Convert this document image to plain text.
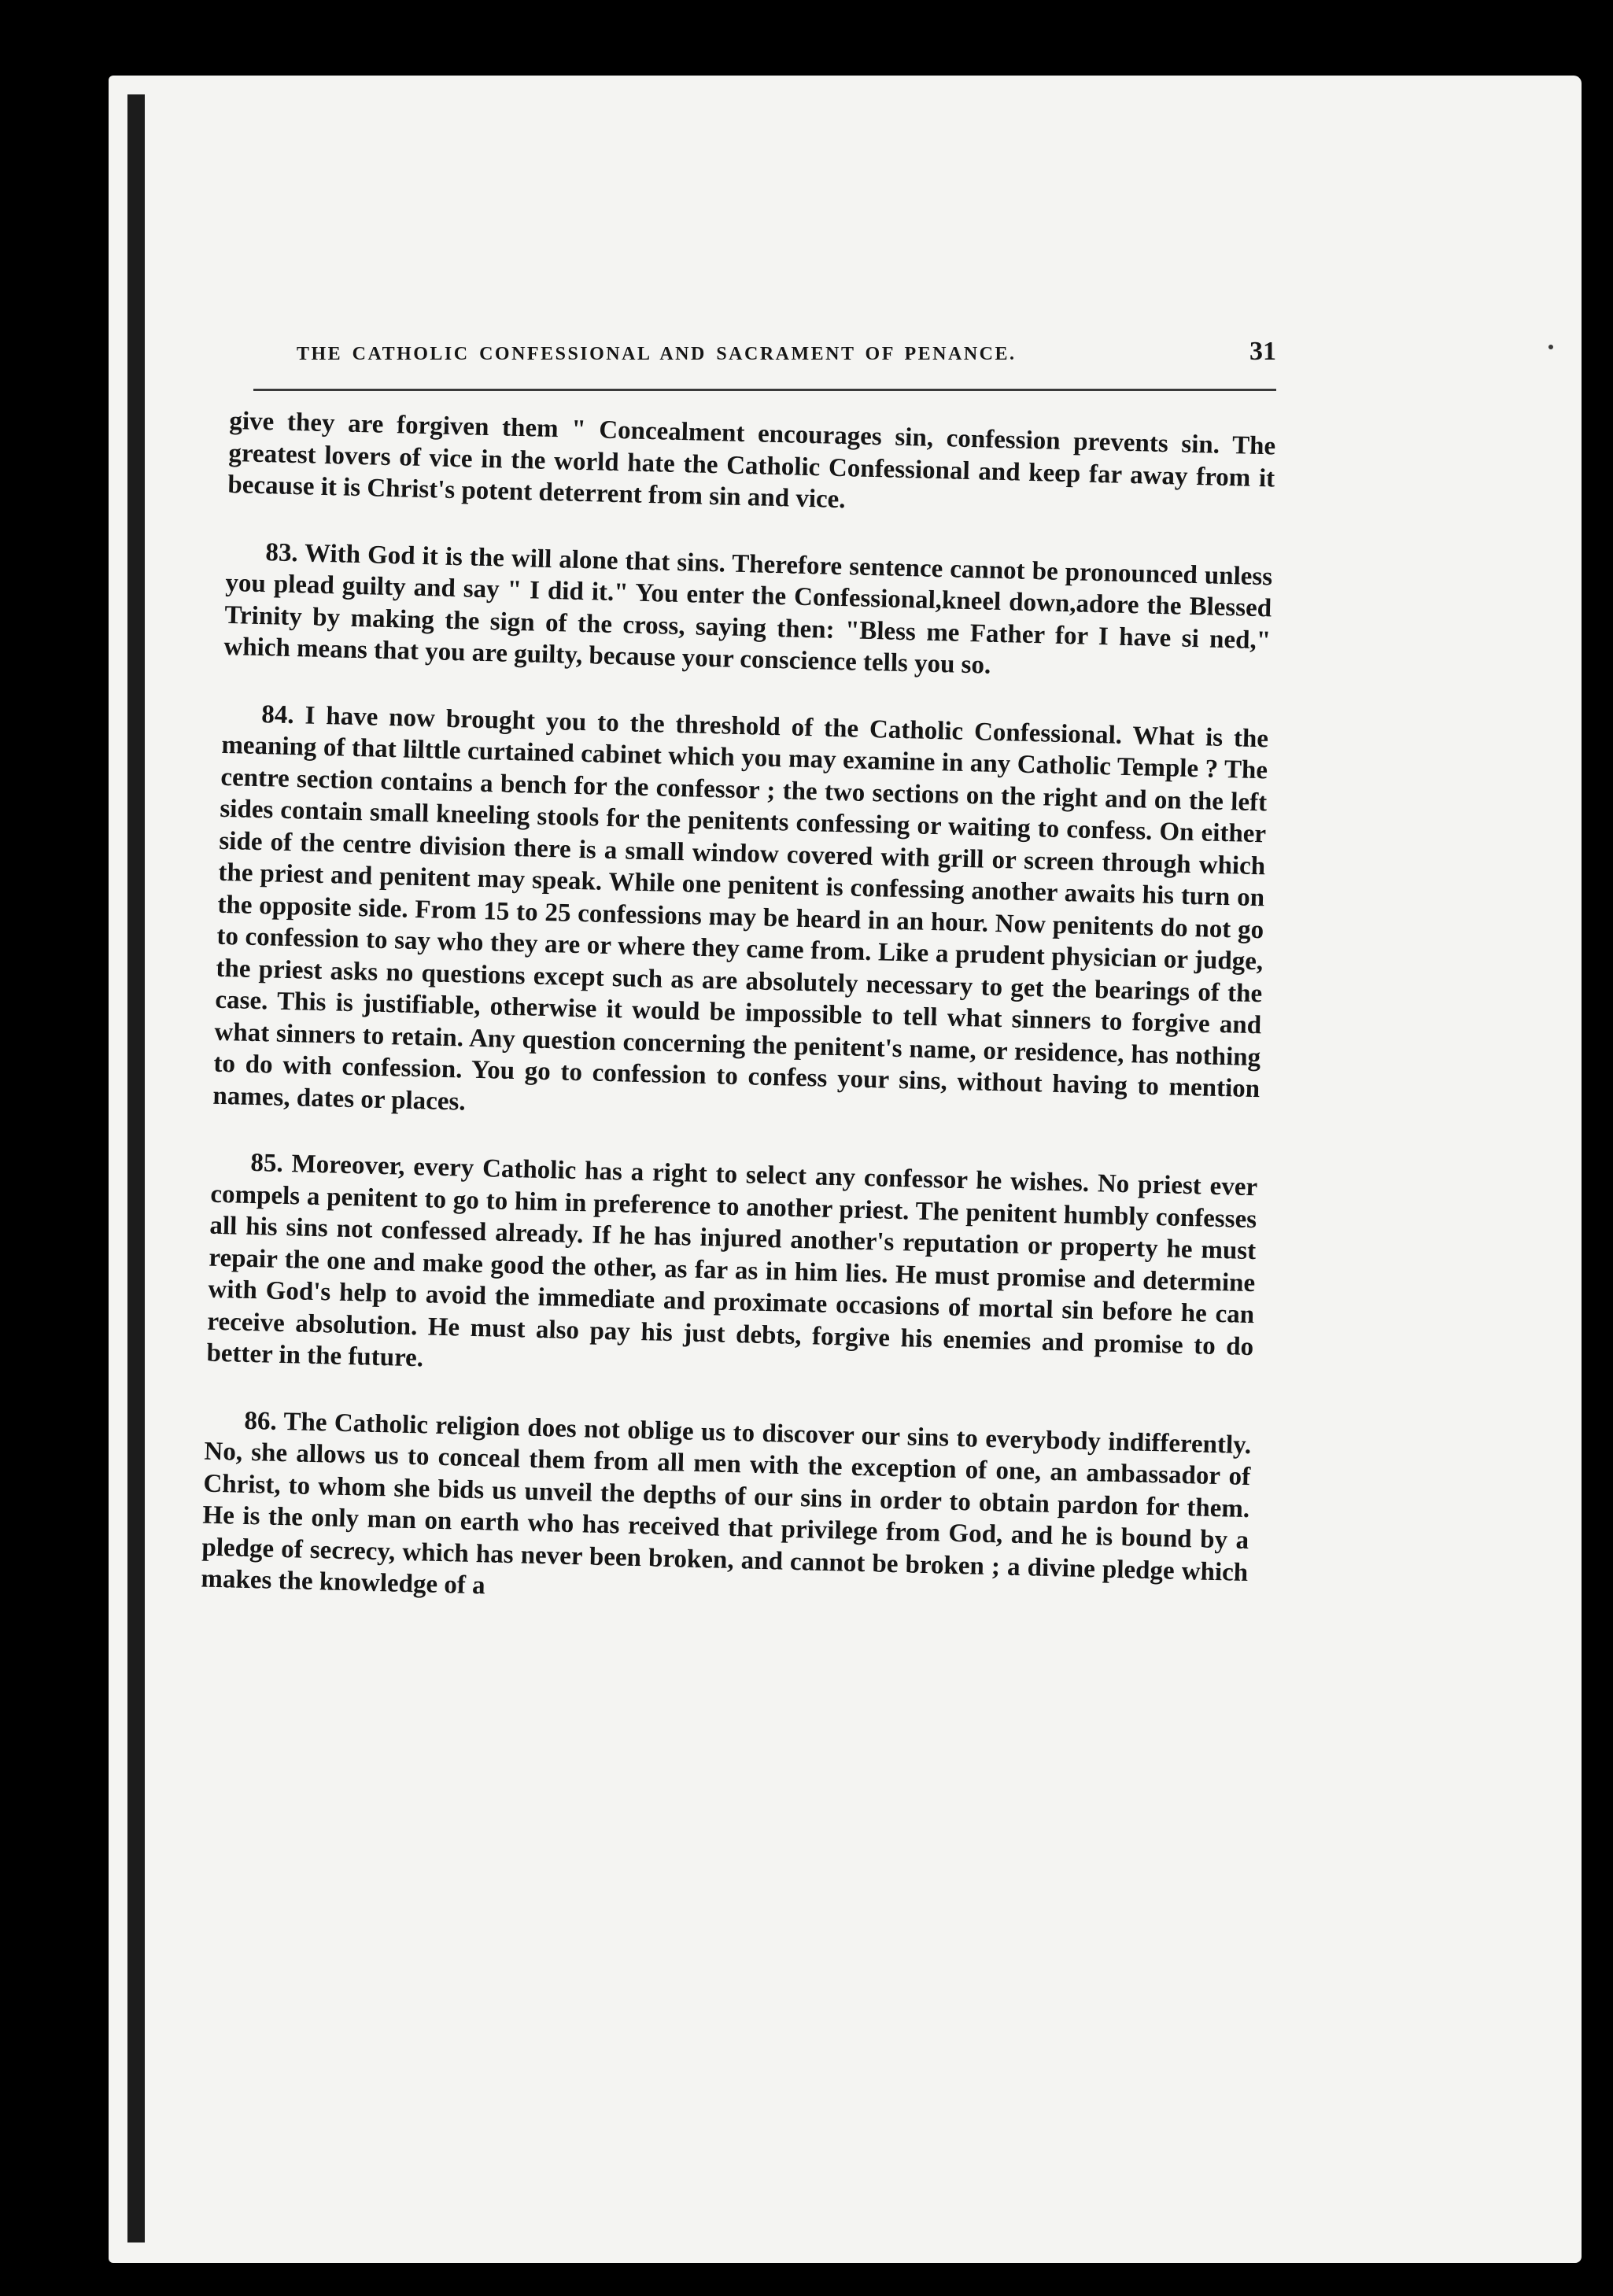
THE CATHOLIC CONFESSIONAL AND SACRAMENT OF PENANCE.	31

give they are forgiven them " Concealment encourages sin, confession prevents sin. The greatest lovers of vice in the world hate the Catholic Confessional and keep far away from it because it is Christ's potent deterrent from sin and vice.

83. With God it is the will alone that sins. Therefore sentence cannot be pronounced unless you plead guilty and say " I did it." You enter the Confessional,kneel down,adore the Blessed Trinity by making the sign of the cross, saying then: "Bless me Father for I have si ned," which means that you are guilty, because your conscience tells you so.

84. I have now brought you to the threshold of the Catholic Confessional. What is the meaning of that lilttle curtained cabinet which you may examine in any Catholic Temple ? The centre section contains a bench for the confessor ; the two sections on the right and on the left sides contain small kneeling stools for the penitents confessing or waiting to confess. On either side of the centre division there is a small window covered with grill or screen through which the priest and penitent may speak. While one penitent is confessing another awaits his turn on the opposite side. From 15 to 25 confessions may be heard in an hour. Now penitents do not go to confession to say who they are or where they came from. Like a prudent physician or judge, the priest asks no questions except such as are absolutely necessary to get the bearings of the case. This is justifiable, otherwise it would be impossible to tell what sinners to forgive and what sinners to retain. Any question concerning the penitent's name, or residence, has nothing to do with confession. You go to confession to confess your sins, without having to mention names, dates or places.

85. Moreover, every Catholic has a right to select any confessor he wishes. No priest ever compels a penitent to go to him in preference to another priest. The penitent humbly confesses all his sins not confessed already. If he has injured another's reputation or property he must repair the one and make good the other, as far as in him lies. He must promise and determine with God's help to avoid the immediate and proximate occasions of mortal sin before he can receive absolution. He must also pay his just debts, forgive his enemies and promise to do better in the future.

86. The Catholic religion does not oblige us to discover our sins to everybody indifferently. No, she allows us to conceal them from all men with the exception of one, an ambassador of Christ, to whom she bids us unveil the depths of our sins in order to obtain pardon for them. He is the only man on earth who has received that privilege from God, and he is bound by a pledge of secrecy, which has never been broken, and cannot be broken ; a divine pledge which makes the knowledge of a
